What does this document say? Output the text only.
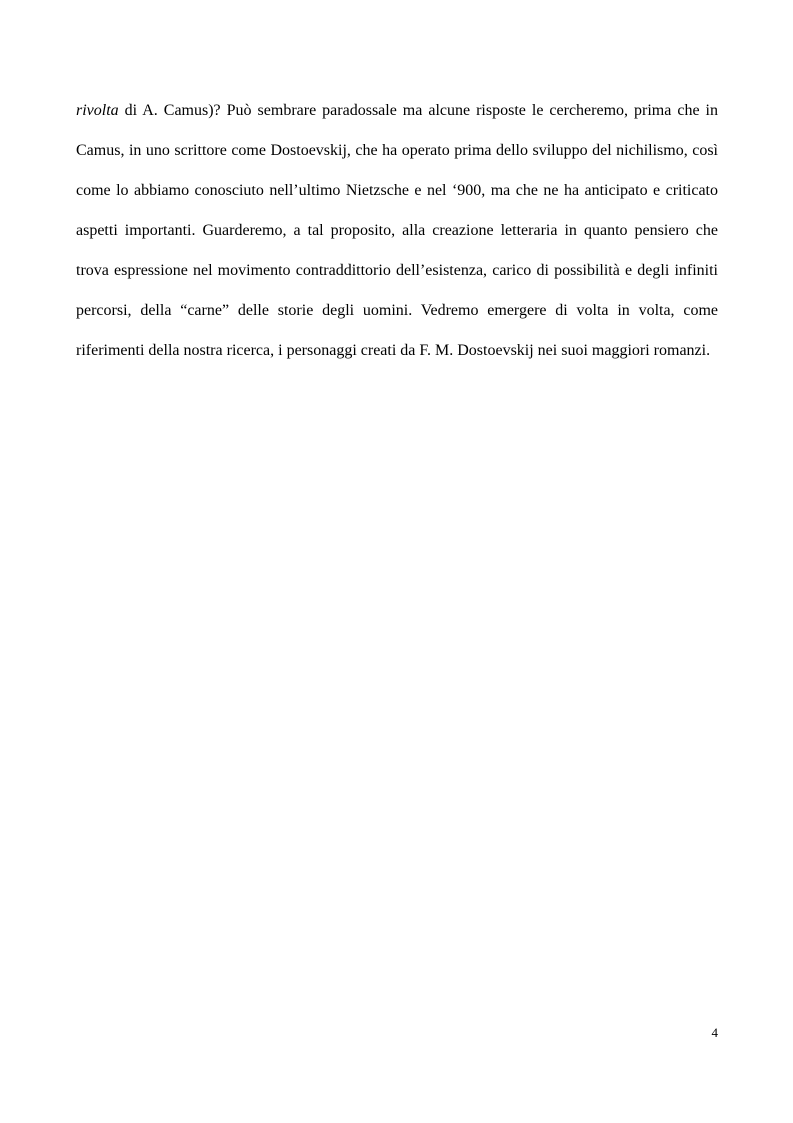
rivolta di A. Camus)? Può sembrare paradossale ma alcune risposte le cercheremo, prima che in Camus, in uno scrittore come Dostoevskij, che ha operato prima dello sviluppo del nichilismo, così come lo abbiamo conosciuto nell’ultimo Nietzsche e nel ‘900, ma che ne ha anticipato e criticato aspetti importanti. Guarderemo, a tal proposito, alla creazione letteraria in quanto pensiero che trova espressione nel movimento contraddittorio dell’esistenza, carico di possibilità e degli infiniti percorsi, della “carne” delle storie degli uomini. Vedremo emergere di volta in volta, come riferimenti della nostra ricerca, i personaggi creati da F. M. Dostoevskij nei suoi maggiori romanzi.

4
